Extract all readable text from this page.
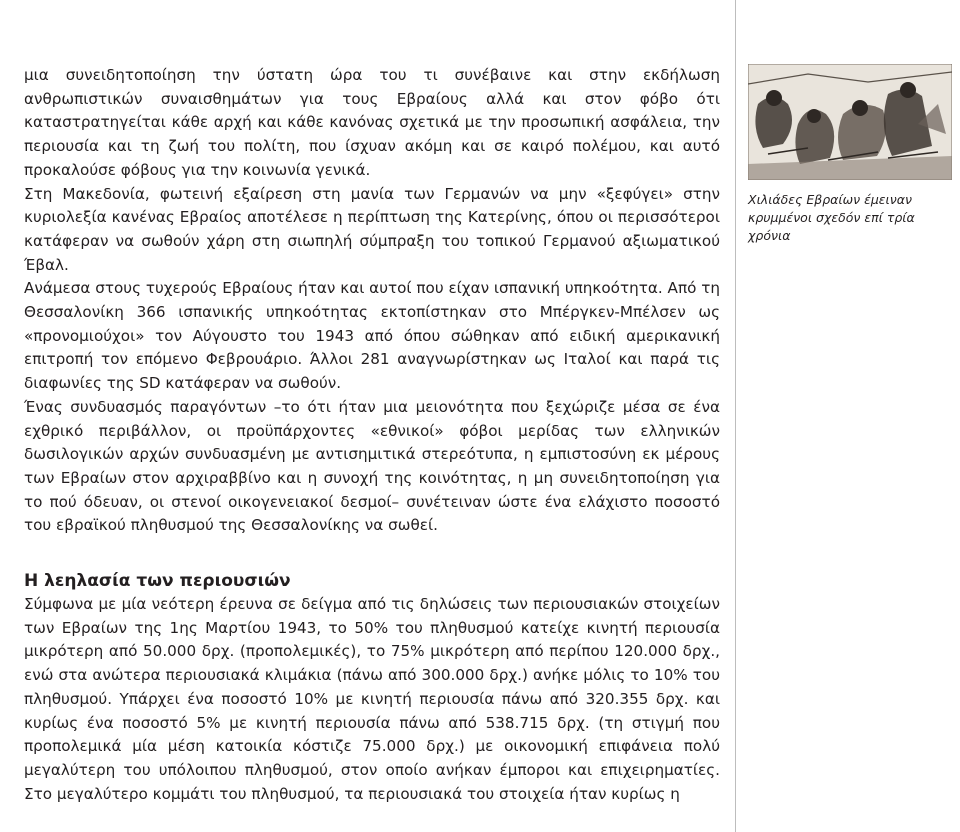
μια συνειδητοποίηση την ύστατη ώρα του τι συνέβαινε και στην εκδήλωση ανθρωπιστικών συναισθημάτων για τους Εβραίους αλλά και στον φόβο ότι καταστρατηγείται κάθε αρχή και κάθε κανόνας σχετικά με την προσωπική ασφάλεια, την περιουσία και τη ζωή του πολίτη, που ίσχυαν ακόμη και σε καιρό πολέμου, και αυτό προκαλούσε φόβους για την κοινωνία γενικά.

Στη Μακεδονία, φωτεινή εξαίρεση στη μανία των Γερμανών να μην «ξεφύγει» στην κυριολεξία κανένας Εβραίος αποτέλεσε η περίπτωση της Κατερίνης, όπου οι περισσότεροι κατάφεραν να σωθούν χάρη στη σιωπηλή σύμπραξη του τοπικού Γερμανού αξιωματικού Έβαλ.

Ανάμεσα στους τυχερούς Εβραίους ήταν και αυτοί που είχαν ισπανική υπηκοότητα. Από τη Θεσσαλονίκη 366 ισπανικής υπηκοότητας εκτοπίστηκαν στο Μπέργκεν-Μπέλσεν ως «προνομιούχοι» τον Αύγουστο του 1943 από όπου σώθηκαν από ειδική αμερικανική επιτροπή τον επόμενο Φεβρουάριο. Άλλοι 281 αναγνωρίστηκαν ως Ιταλοί και παρά τις διαφωνίες της SD κατάφεραν να σωθούν.

Ένας συνδυασμός παραγόντων –το ότι ήταν μια μειονότητα που ξεχώριζε μέσα σε ένα εχθρικό περιβάλλον, οι προϋπάρχοντες «εθνικοί» φόβοι μερίδας των ελληνικών δωσιλογικών αρχών συνδυασμένη με αντισημιτικά στερεότυπα, η εμπιστοσύνη εκ μέρους των Εβραίων στον αρχιραββίνο και η συνοχή της κοινότητας, η μη συνειδητοποίηση για το πού όδευαν, οι στενοί οικογενειακοί δεσμοί– συνέτειναν ώστε ένα ελάχιστο ποσοστό του εβραϊκού πληθυσμού της Θεσσαλονίκης να σωθεί.

Η λεηλασία των περιουσιών

Σύμφωνα με μία νεότερη έρευνα σε δείγμα από τις δηλώσεις των περιουσιακών στοιχείων των Εβραίων της 1ης Μαρτίου 1943, το 50% του πληθυσμού κατείχε κινητή περιουσία μικρότερη από 50.000 δρχ. (προπολεμικές), το 75% μικρότερη από περίπου 120.000 δρχ., ενώ στα ανώτερα περιουσιακά κλιμάκια (πάνω από 300.000 δρχ.) ανήκε μόλις το 10% του πληθυσμού. Υπάρχει ένα ποσοστό 10% με κινητή περιουσία πάνω από 320.355 δρχ. και κυρίως ένα ποσοστό 5% με κινητή περιουσία πάνω από 538.715 δρχ. (τη στιγμή που προπολεμικά μία μέση κατοικία κόστιζε 75.000 δρχ.) με οικονομική επιφάνεια πολύ μεγαλύτερη του υπόλοιπου πληθυσμού, στον οποίο ανήκαν έμποροι και επιχειρηματίες. Στο μεγαλύτερο κομμάτι του πληθυσμού, τα περιουσιακά του στοιχεία ήταν κυρίως η

Χιλιάδες Εβραίων έμειναν κρυμμένοι σχεδόν επί τρία χρόνια
